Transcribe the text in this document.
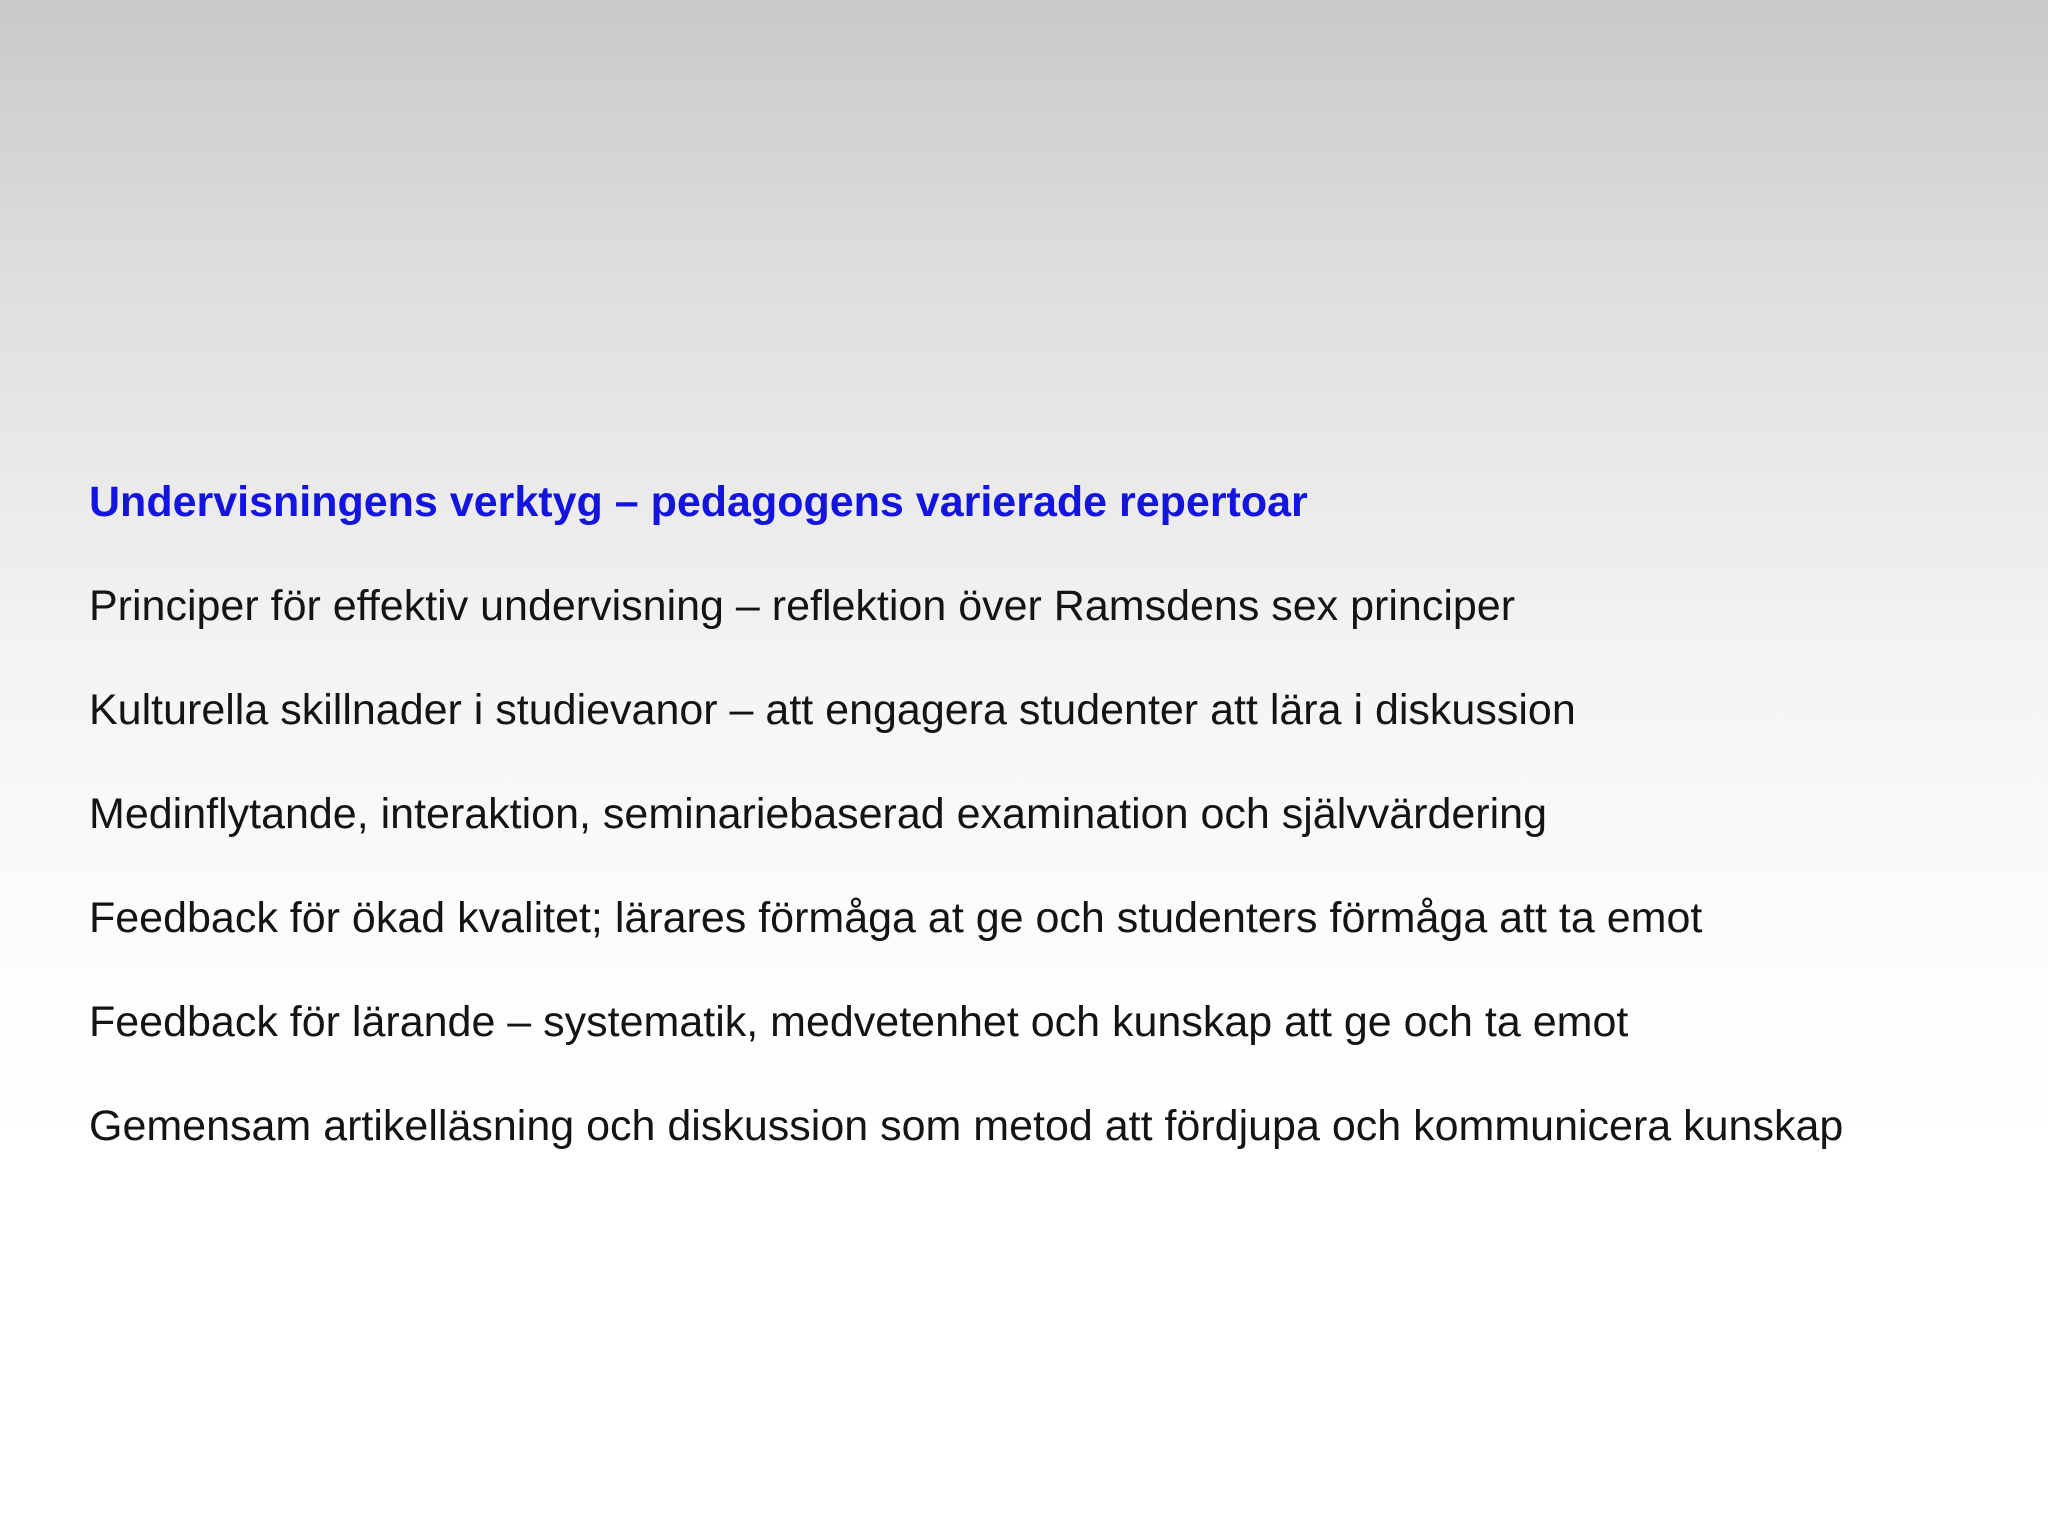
Undervisningens verktyg – pedagogens varierade repertoar
Principer för effektiv undervisning – reflektion över Ramsdens sex principer
Kulturella skillnader i studievanor – att engagera studenter att lära i diskussion
Medinflytande, interaktion, seminariebaserad examination och självvärdering
Feedback för ökad kvalitet; lärares förmåga at ge och studenters förmåga att ta emot
Feedback för lärande – systematik, medvetenhet och kunskap att ge och ta emot
Gemensam artikelläsning och diskussion som metod att fördjupa och kommunicera kunskap
